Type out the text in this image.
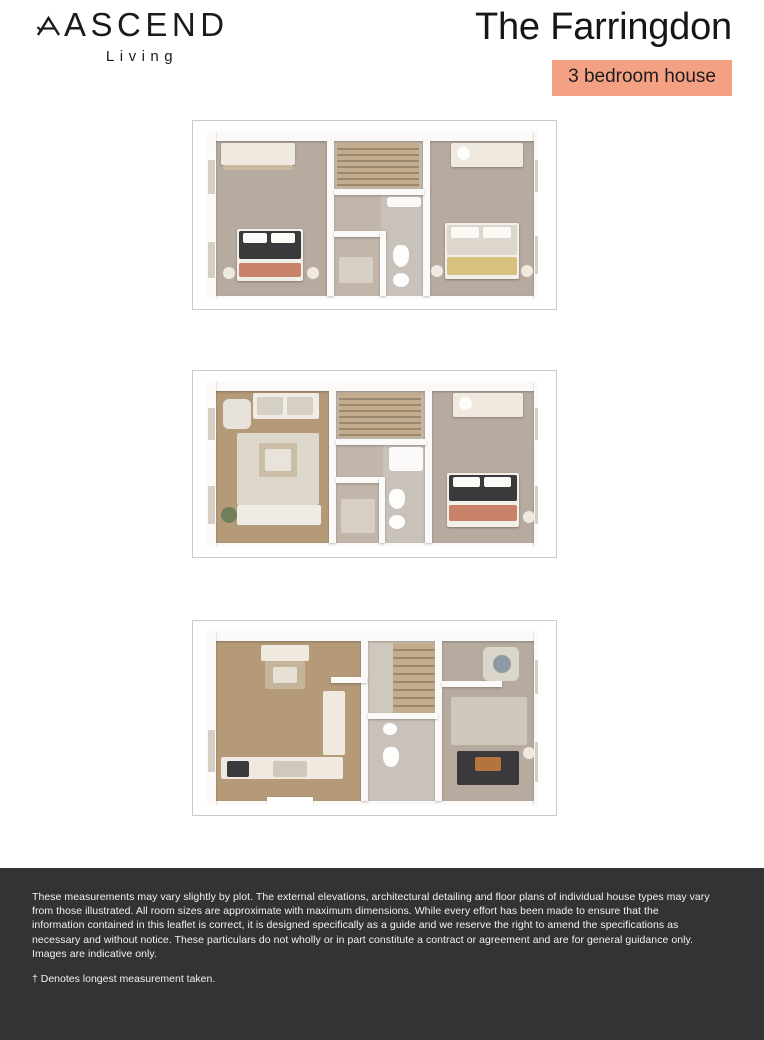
ASCEND
Living
The Farringdon
3 bedroom house
These measurements may vary slightly by plot. The external elevations, architectural detailing and floor plans of individual house types may vary from those illustrated. All room sizes are approximate with maximum dimensions. While every effort has been made to ensure that the information contained in this leaflet is correct, it is designed specifically as a guide and we reserve the right to amend the specifications as necessary and without notice. These particulars do not wholly or in part constitute a contract or agreement and are for general guidance only. Images are indicative only.
† Denotes longest measurement taken.
